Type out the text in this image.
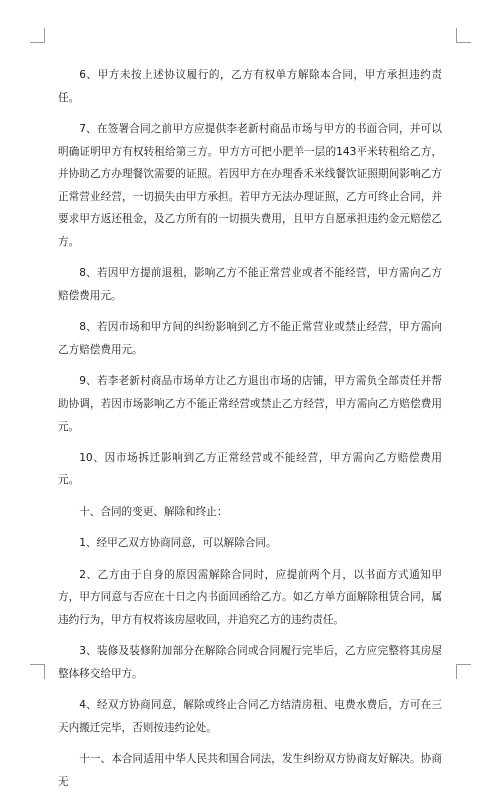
6、甲方未按上述协议履行的，乙方有权单方解除本合同，甲方承担违约责任。

7、在签署合同之前甲方应提供李老新村商品市场与甲方的书面合同，并可以明确证明甲方有权转租给第三方。甲方方可把小肥羊一层的143平米转租给乙方，并协助乙方办理餐饮需要的证照。若因甲方在办理香禾米线餐饮证照期间影响乙方正常营业经营，一切损失由甲方承担。若甲方无法办理证照，乙方可终止合同，并要求甲方返还租金，及乙方所有的一切损失费用，且甲方自愿承担违约金元赔偿乙方。

8、若因甲方提前退租，影响乙方不能正常营业或者不能经营，甲方需向乙方赔偿费用元。

8、若因市场和甲方间的纠纷影响到乙方不能正常营业或禁止经营，甲方需向乙方赔偿费用元。

9、若李老新村商品市场单方让乙方退出市场的店铺，甲方需负全部责任并帮助协调，若因市场影响乙方不能正常经营或禁止乙方经营，甲方需向乙方赔偿费用元。

10、因市场拆迁影响到乙方正常经营或不能经营，甲方需向乙方赔偿费用元。

十、合同的变更、解除和终止：

1、经甲乙双方协商同意，可以解除合同。

2、乙方由于自身的原因需解除合同时，应提前两个月，以书面方式通知甲方，甲方同意与否应在十日之内书面回函给乙方。如乙方单方面解除租赁合同，属违约行为，甲方有权将该房屋收回，并追究乙方的违约责任。

3、装修及装修附加部分在解除合同或合同履行完毕后，乙方应完整将其房屋整体移交给甲方。

4、经双方协商同意，解除或终止合同乙方结清房租、电费水费后，方可在三天内搬迁完毕，否则按违约论处。

十一、本合同适用中华人民共和国合同法，发生纠纷双方协商友好解决。协商无
